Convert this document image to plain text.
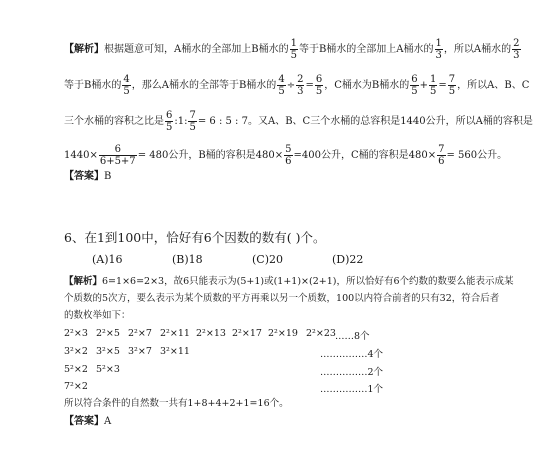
【解析】根据题意可知，A桶水的全部加上B桶水的 $\frac{1}{5}$ 等于B桶水的全部加上A桶水的 $\frac{1}{3}$ ，所以A桶水的 $\frac{2}{3}$
等于B桶水的 $\frac{4}{5}$ ，那么A桶水的全部等于B桶水的 $\frac{4}{5} \div \frac{2}{3} = \frac{6}{5}$ ，C桶水为B桶水的 $\frac{6}{5} + \frac{1}{5} = \frac{7}{5}$ ，所以A、B、C
三个水桶的容积之比是 $\frac{6}{5}$ :1: $\frac{7}{5} = 6$ : 5 : 7。又A、B、C三个水桶的总容积是1440公升，所以A桶的容积是
$1440\times \frac{6}{6+5+7} = 480$公升，B桶的容积是$480\times \frac{5}{6} =400$公升，C桶的容积是$480\times \frac{7}{6} = 560$公升。
【答案】B
6、在1到100中，恰好有6个因数的数有( )个。
(A)16	(B)18	(C)20	(D)22
【解析】6=1×6=2×3，故6只能表示为(5+1)或(1+1)×(2+1)，所以恰好有6个约数的数要么能表示成某
个质数的5次方，要么表示为某个质数的平方再乘以另一个质数，100以内符合前者的只有32，符合后者
的数枚举如下：
2²×3 2²×5 2²×7 2²×11 2²×13 2²×17 2²×19 2²×23 ……8个
3²×2 3²×5 3²×7 3²×11	……………4个
5²×2 5²×3	……………2个
7²×2	……………1个
所以符合条件的自然数一共有1+8+4+2+1=16个。
【答案】A
